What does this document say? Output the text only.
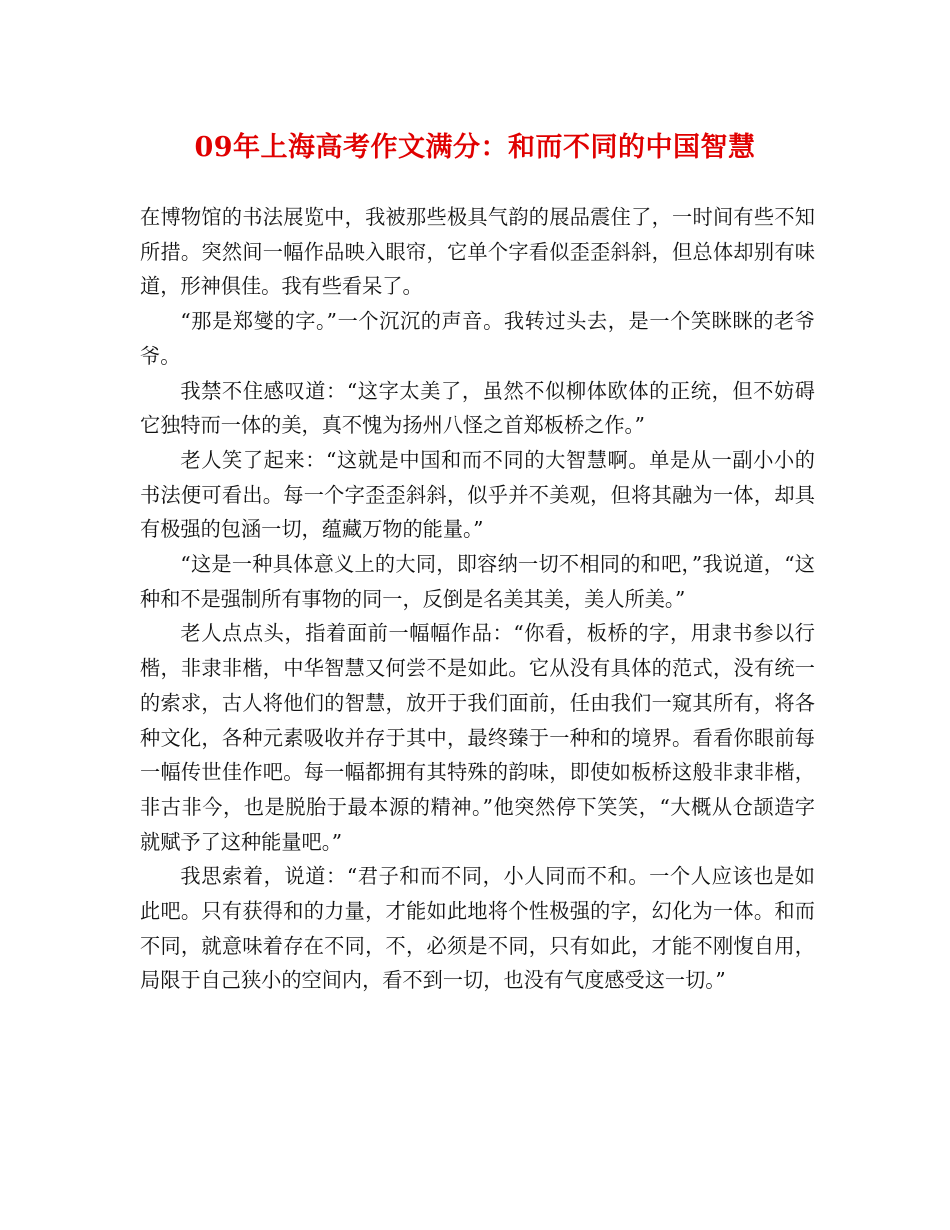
09年上海高考作文满分：和而不同的中国智慧

在博物馆的书法展览中，我被那些极具气韵的展品震住了，一时间有些不知所措。突然间一幅作品映入眼帘，它单个字看似歪歪斜斜，但总体却别有味道，形神俱佳。我有些看呆了。

“那是郑燮的字。”一个沉沉的声音。我转过头去，是一个笑眯眯的老爷爷。

我禁不住感叹道：“这字太美了，虽然不似柳体欧体的正统，但不妨碍它独特而一体的美，真不愧为扬州八怪之首郑板桥之作。”

老人笑了起来：“这就是中国和而不同的大智慧啊。单是从一副小小的书法便可看出。每一个字歪歪斜斜，似乎并不美观，但将其融为一体，却具有极强的包涵一切，蕴藏万物的能量。”

“这是一种具体意义上的大同，即容纳一切不相同的和吧，”我说道，“这种和不是强制所有事物的同一，反倒是名美其美，美人所美。”

老人点点头，指着面前一幅幅作品：“你看，板桥的字，用隶书参以行楷，非隶非楷，中华智慧又何尝不是如此。它从没有具体的范式，没有统一的索求，古人将他们的智慧，放开于我们面前，任由我们一窥其所有，将各种文化，各种元素吸收并存于其中，最终臻于一种和的境界。看看你眼前每一幅传世佳作吧。每一幅都拥有其特殊的韵味，即使如板桥这般非隶非楷，非古非今，也是脱胎于最本源的精神。”他突然停下笑笑，“大概从仓颉造字就赋予了这种能量吧。”

我思索着，说道：“君子和而不同，小人同而不和。一个人应该也是如此吧。只有获得和的力量，才能如此地将个性极强的字，幻化为一体。和而不同，就意味着存在不同，不，必须是不同，只有如此，才能不刚愎自用，局限于自己狭小的空间内，看不到一切，也没有气度感受这一切。”
